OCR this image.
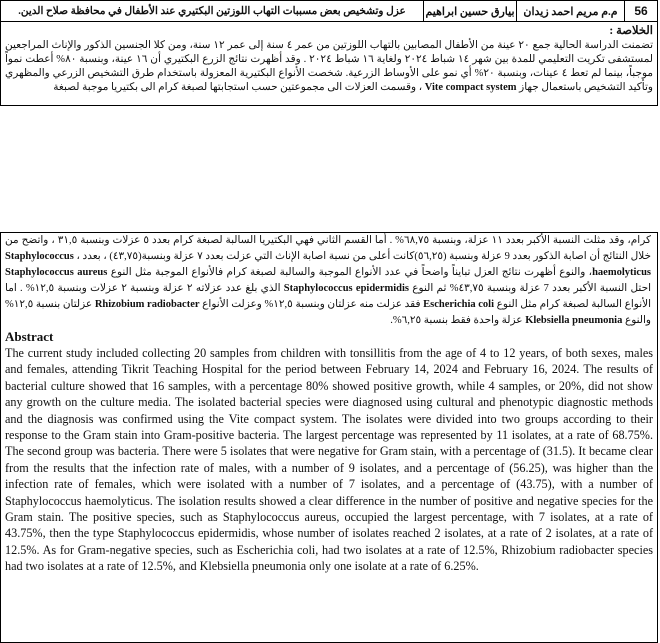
56
م.م مريم احمد زيدان
بيارق حسين ابراهيم
عزل وتشخيص بعض مسببات التهاب اللوزتين البكتيري عند الأطفال في محافظة صلاح الدين.
الخلاصة :

تضمنت الدراسة الحالية جمع ٢٠ عينة من الأطفال المصابين بالتهاب اللوزتين من عمر ٤ سنة إلى عمر ١٢ سنة، ومن كلا الجنسين الذكور والإناث المراجعين لمستشفى تكريت التعليمي للمدة بين شهر ١٤ شباط ٢٠٢٤ ولغاية ١٦ شباط ٢٠٢٤ . وقد أظهرت نتائج الزرع البكتيري أن ١٦ عينة، وبنسبة ٨٠% أعطت نمواً موجباً، بينما لم تعط ٤ عينات، وبنسبة ٢٠% أي نمو على الأوساط الزرعية. شخصت الأنواع البكتيرية المعزولة باستخدام طرق التشخيص الزرعي والمظهري وتأكيد التشخيص باستعمال جهاز Vite compact system ، وقسمت العزلات الى مجموعتين حسب استجابتها لصبغة كرام الى بكتيريا موجبة لصبغة

كرام، وقد مثلت النسبة الأكبر بعدد ١١ عزلة، وبنسبة ٦٨,٧٥% . أما القسم الثاني فهي البكتيريا السالبة لصبغة كرام بعدد ٥ عزلات وبنسبة ٣١,٥ ، واتضح من خلال النتائج أن اصابة الذكور بعدد 9 عزلة وبنسبة (٥٦,٢٥)كانت أعلى من نسبة اصابة الإناث التي عزلت بعدد ٧ عزلة وبنسبة(٤٣,٧٥) ، بعدد ، Staphylococcus haemolyticus، والنوع أظهرت نتائج العزل تبايناً واضحاً في عدد الأنواع الموجبة والسالبة لصبغة كرام فالأنواع الموجبة مثل النوع Staphylococcus aureus احتل النسبة الأكبر بعدد 7 عزلة وبنسبة ٤٣,٧٥% ثم النوع Staphylococcus epidermidis الذي بلغ عدد عزلاته ٢ عزلة وبنسبة ٢ عزلات وبنسبة ١٢,٥% . اما الأنواع السالبة لصبغة كرام مثل النوع Escherichia coli فقد عزلت منه عزلتان وبنسبة ١٢,٥% وعزلت الأنواع Rhizobium radiobacter عزلتان بنسبة ١٢,٥% والنوع Klebsiella pneumonia عزلة واحدة فقط بنسبة ٦,٢٥%.

Abstract

The current study included collecting 20 samples from children with tonsillitis from the age of 4 to 12 years, of both sexes, males and females, attending Tikrit Teaching Hospital for the period between February 14, 2024 and February 16, 2024. The results of bacterial culture showed that 16 samples, with a percentage 80% showed positive growth, while 4 samples, or 20%, did not show any growth on the culture media. The isolated bacterial species were diagnosed using cultural and phenotypic diagnostic methods and the diagnosis was confirmed using the Vite compact system. The isolates were divided into two groups according to their response to the Gram stain into Gram-positive bacteria. The largest percentage was represented by 11 isolates, at a rate of 68.75%. The second group was bacteria. There were 5 isolates that were negative for Gram stain, with a percentage of (31.5). It became clear from the results that the infection rate of males, with a number of 9 isolates, and a percentage of (56.25), was higher than the infection rate of females, which were isolated with a number of 7 isolates, and a percentage of (43.75), with a number of Staphylococcus haemolyticus. The isolation results showed a clear difference in the number of positive and negative species for the Gram stain. The positive species, such as Staphylococcus aureus, occupied the largest percentage, with 7 isolates, at a rate of 43.75%, then the type Staphylococcus epidermidis, whose number of isolates reached 2 isolates, at a rate of 2 isolates, at a rate of 12.5%. As for Gram-negative species, such as Escherichia coli, had two isolates at a rate of 12.5%, Rhizobium radiobacter species had two isolates at a rate of 12.5%, and Klebsiella pneumonia only one isolate at a rate of 6.25%.
